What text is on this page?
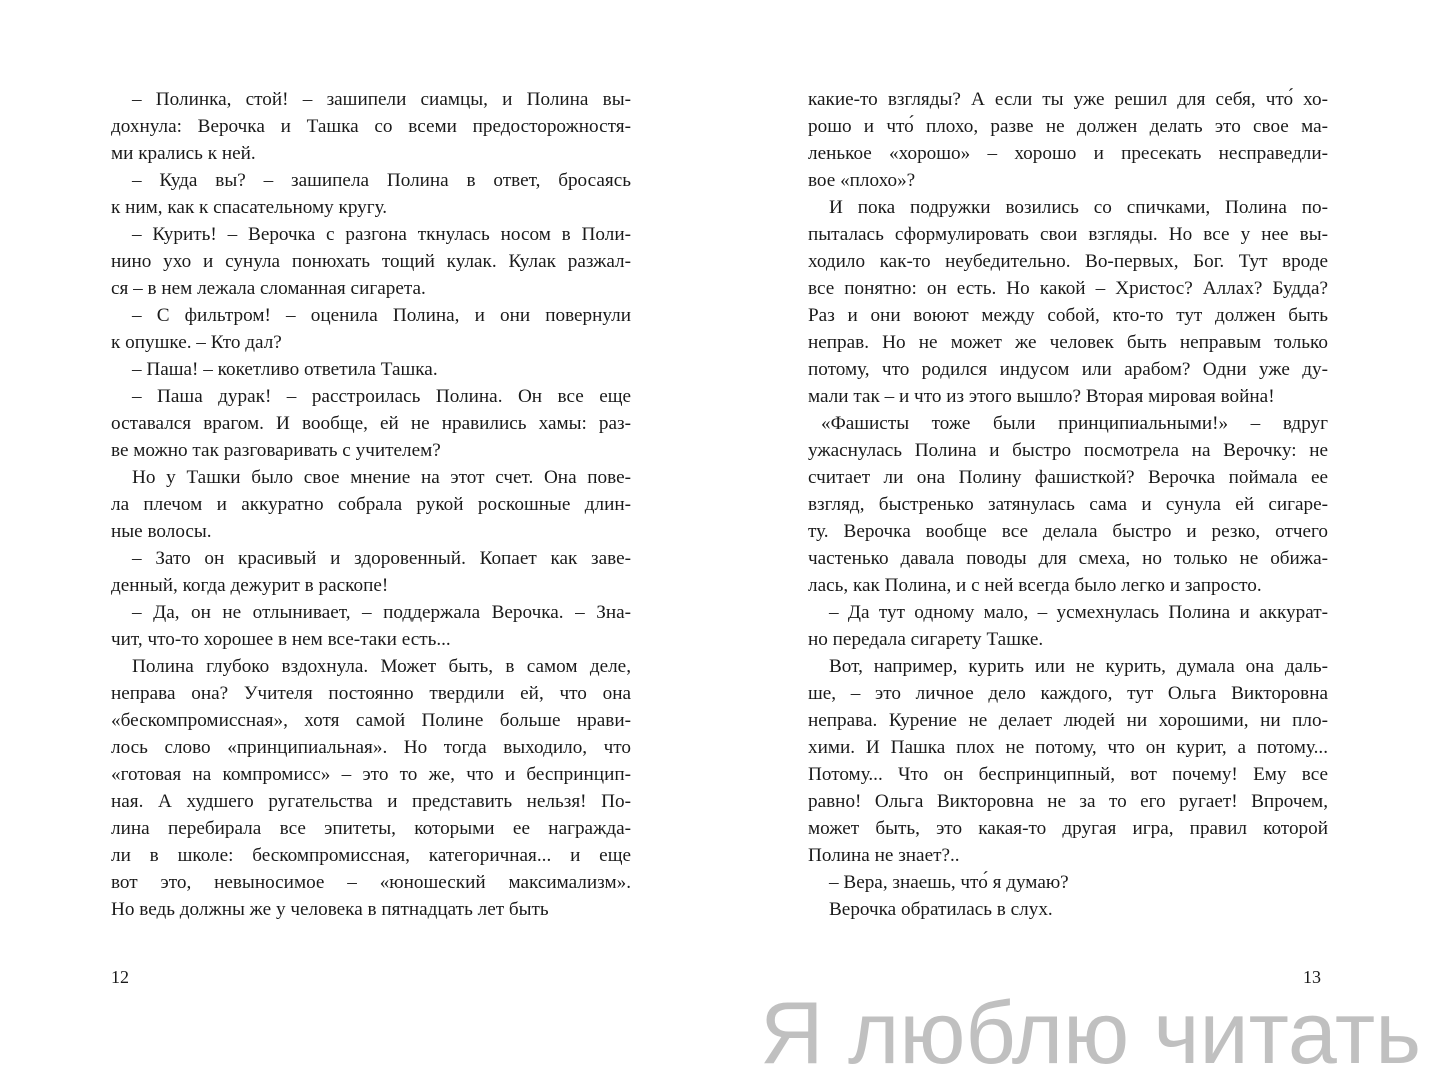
– Полинка, стой! – зашипели сиамцы, и Полина вы-
дохнула: Верочка и Ташка со всеми предосторожностя-
ми крались к ней.
– Куда вы? – зашипела Полина в ответ, бросаясь
к ним, как к спасательному кругу.
– Курить! – Верочка с разгона ткнулась носом в Поли-
нино ухо и сунула понюхать тощий кулак. Кулак разжал-
ся – в нем лежала сломанная сигарета.
– С фильтром! – оценила Полина, и они повернули
к опушке. – Кто дал?
– Паша! – кокетливо ответила Ташка.
– Паша дурак! – расстроилась Полина. Он все еще
оставался врагом. И вообще, ей не нравились хамы: раз-
ве можно так разговаривать с учителем?
Но у Ташки было свое мнение на этот счет. Она пове-
ла плечом и аккуратно собрала рукой роскошные длин-
ные волосы.
– Зато он красивый и здоровенный. Копает как заве-
денный, когда дежурит в раскопе!
– Да, он не отлынивает, – поддержала Верочка. – Зна-
чит, что-то хорошее в нем все-таки есть...
Полина глубоко вздохнула. Может быть, в самом деле,
неправа она? Учителя постоянно твердили ей, что она
«бескомпромиссная», хотя самой Полине больше нрави-
лось слово «принципиальная». Но тогда выходило, что
«готовая на компромисс» – это то же, что и беспринцип-
ная. А худшего ругательства и представить нельзя! По-
лина перебирала все эпитеты, которыми ее награжда-
ли в школе: бескомпромиссная, категоричная... и еще
вот это, невыносимое – «юношеский максимализм».
Но ведь должны же у человека в пятнадцать лет быть
какие-то взгляды? А если ты уже решил для себя, что́ хо-
рошо и что́ плохо, разве не должен делать это свое ма-
ленькое «хорошо» – хорошо и пресекать несправедли-
вое «плохо»?
И пока подружки возились со спичками, Полина по-
пыталась сформулировать свои взгляды. Но все у нее вы-
ходило как-то неубедительно. Во-первых, Бог. Тут вроде
все понятно: он есть. Но какой – Христос? Аллах? Будда?
Раз и они воюют между собой, кто-то тут должен быть
неправ. Но не может же человек быть неправым только
потому, что родился индусом или арабом? Одни уже ду-
мали так – и что из этого вышло? Вторая мировая война!
«Фашисты тоже были принципиальными!» – вдруг
ужаснулась Полина и быстро посмотрела на Верочку: не
считает ли она Полину фашисткой? Верочка поймала ее
взгляд, быстренько затянулась сама и сунула ей сигаре-
ту. Верочка вообще все делала быстро и резко, отчего
частенько давала поводы для смеха, но только не обижа-
лась, как Полина, и с ней всегда было легко и запросто.
– Да тут одному мало, – усмехнулась Полина и аккурат-
но передала сигарету Ташке.
Вот, например, курить или не курить, думала она даль-
ше, – это личное дело каждого, тут Ольга Викторовна
неправа. Курение не делает людей ни хорошими, ни пло-
хими. И Пашка плох не потому, что он курит, а потому...
Потому... Что он беспринципный, вот почему! Ему все
равно! Ольга Викторовна не за то его ругает! Впрочем,
может быть, это какая-то другая игра, правил которой
Полина не знает?..
– Вера, знаешь, что́ я думаю?
Верочка обратилась в слух.
12	13
Я люблю читать
